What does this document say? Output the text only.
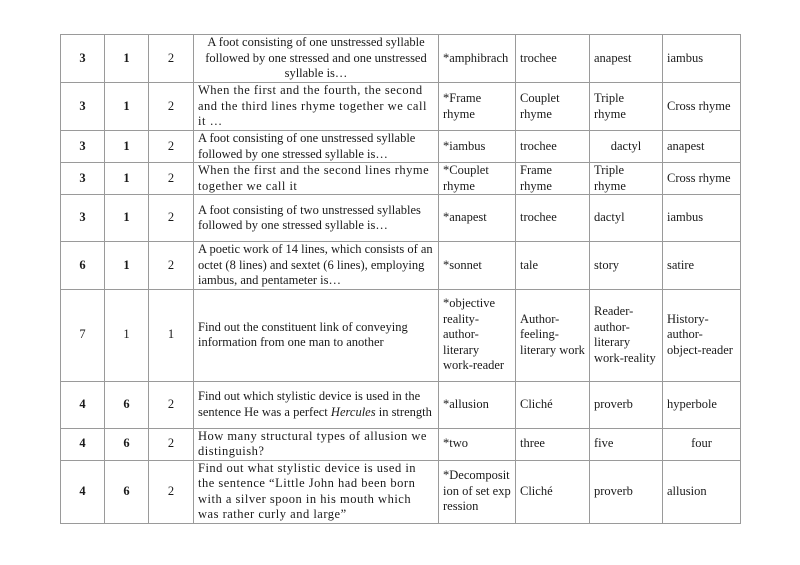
3	1	2	A foot consisting of one unstressed syllable followed by one stressed and one unstressed syllable is…	*amphibrach	trochee	anapest	iambus
3	1	2	When the first and the fourth, the second and the third lines rhyme together we call it …	*Frame rhyme	Couplet rhyme	Triple rhyme	Cross rhyme
3	1	2	A foot consisting of one unstressed syllable followed by one stressed syllable is…	*iambus	trochee	dactyl	anapest
3	1	2	When the first and the second lines rhyme together we call it	*Couplet rhyme	Frame rhyme	Triple rhyme	Cross rhyme
3	1	2	A foot consisting of two unstressed syllables followed by one stressed syllable is…	*anapest	trochee	dactyl	iambus
6	1	2	A poetic work of 14 lines, which consists of an octet (8 lines) and sextet (6 lines), employing iambus, and pentameter is…	*sonnet	tale	story	satire
7	1	1	Find out the constituent link of conveying information from one man to another	*objective reality-author-literary work-reader	Author-feeling-literary work	Reader-author-literary work-reality	History-author-object-reader
4	6	2	Find out which stylistic device is used in the sentence He was a perfect Hercules in strength	*allusion	Cliché	proverb	hyperbole
4	6	2	How many structural types of allusion we distinguish?	*two	three	five	four
4	6	2	Find out what stylistic device is used in the sentence “Little John had been born with a silver spoon in his mouth which was rather curly and large”	*Decomposition of set expression	Cliché	proverb	allusion
